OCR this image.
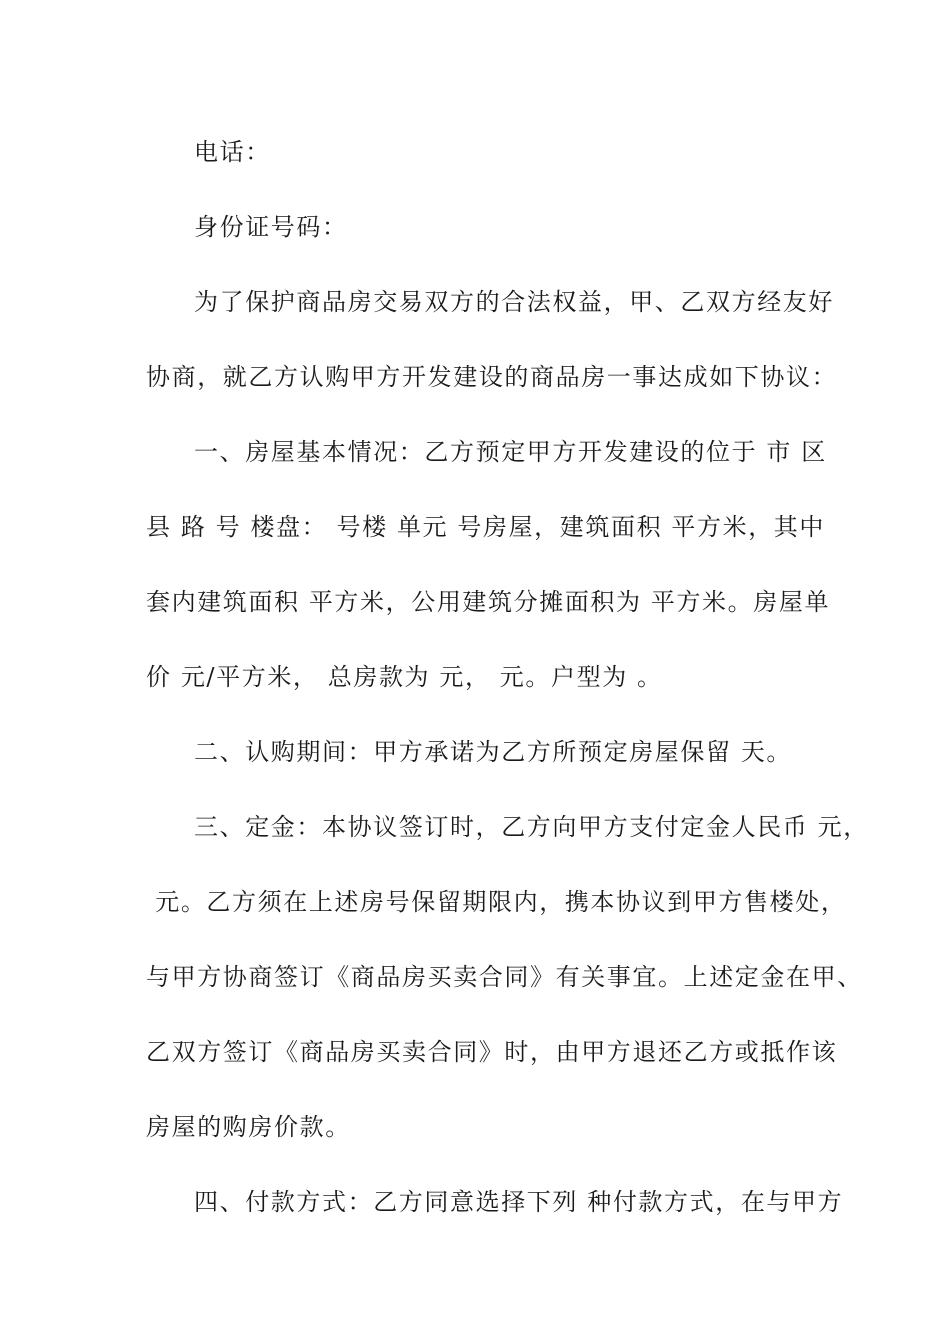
电话：
身份证号码：
为了保护商品房交易双方的合法权益，甲、乙双方经友好
协商，就乙方认购甲方开发建设的商品房一事达成如下协议：
一、房屋基本情况：乙方预定甲方开发建设的位于 市 区
县 路 号 楼盘： 号楼 单元 号房屋，建筑面积 平方米，其中
套内建筑面积 平方米，公用建筑分摊面积为 平方米。房屋单
价 元/平方米， 总房款为 元， 元。户型为 。
二、认购期间：甲方承诺为乙方所预定房屋保留 天。
三、定金：本协议签订时，乙方向甲方支付定金人民币 元，
元。乙方须在上述房号保留期限内，携本协议到甲方售楼处，
与甲方协商签订《商品房买卖合同》有关事宜。上述定金在甲、
乙双方签订《商品房买卖合同》时，由甲方退还乙方或抵作该
房屋的购房价款。
四、付款方式：乙方同意选择下列 种付款方式，在与甲方
